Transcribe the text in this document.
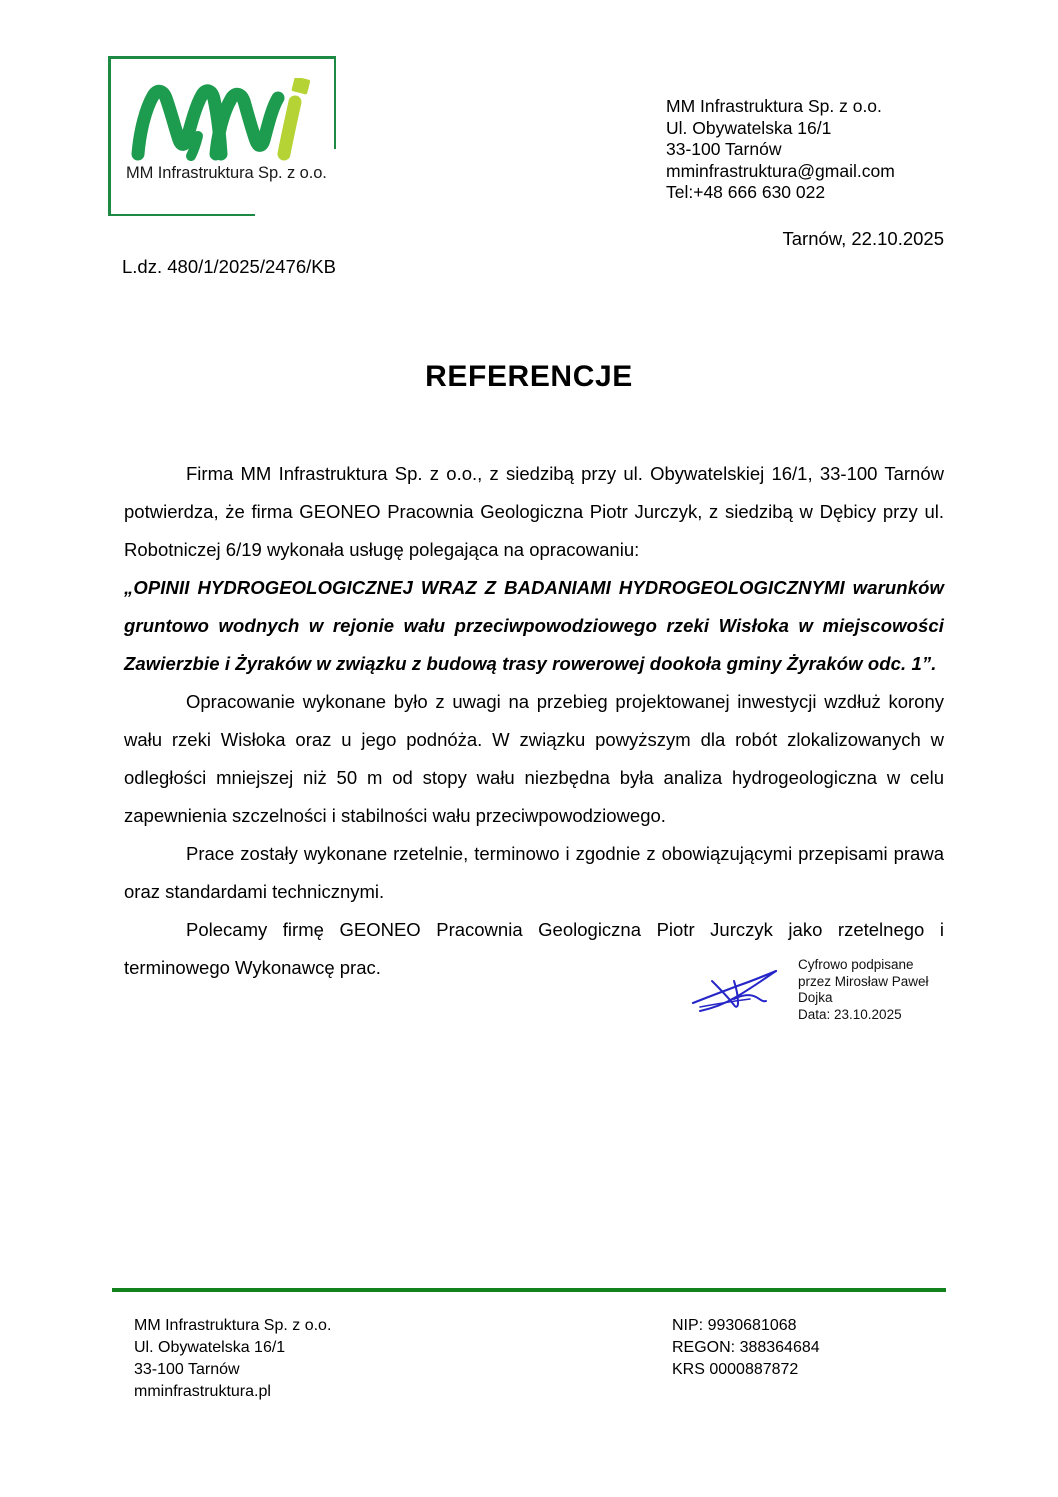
MM Infrastruktura Sp. z o.o.
MM Infrastruktura Sp. z o.o.
Ul. Obywatelska 16/1
33-100 Tarnów
mminfrastruktura@gmail.com
Tel:+48 666 630 022
Tarnów, 22.10.2025
L.dz. 480/1/2025/2476/KB
REFERENCJE

Firma MM Infrastruktura Sp. z o.o., z siedzibą przy ul. Obywatelskiej 16/1, 33-100 Tarnów potwierdza, że firma GEONEO Pracownia Geologiczna Piotr Jurczyk, z siedzibą w Dębicy przy ul. Robotniczej 6/19 wykonała usługę polegająca na opracowaniu:

„OPINII HYDROGEOLOGICZNEJ WRAZ Z BADANIAMI HYDROGEOLOGICZNYMI warunków gruntowo wodnych w rejonie wału przeciwpowodziowego rzeki Wisłoka w miejscowości Zawierzbie i Żyraków w związku z budową trasy rowerowej dookoła gminy Żyraków odc. 1”.

Opracowanie wykonane było z uwagi na przebieg projektowanej inwestycji wzdłuż korony wału rzeki Wisłoka oraz u jego podnóża. W związku powyższym dla robót zlokalizowanych w odległości mniejszej niż 50 m od stopy wału niezbędna była analiza hydrogeologiczna w celu zapewnienia szczelności i stabilności wału przeciwpowodziowego.

Prace zostały wykonane rzetelnie, terminowo i zgodnie z obowiązującymi przepisami prawa oraz standardami technicznymi.

Polecamy firmę GEONEO Pracownia Geologiczna Piotr Jurczyk jako rzetelnego i terminowego Wykonawcę prac.	Cyfrowo podpisane
przez Mirosław Paweł
Dojka
Data: 23.10.2025
MM Infrastruktura Sp. z o.o.
Ul. Obywatelska 16/1
33-100 Tarnów
mminfrastruktura.pl
NIP: 9930681068
REGON: 388364684
KRS 0000887872
